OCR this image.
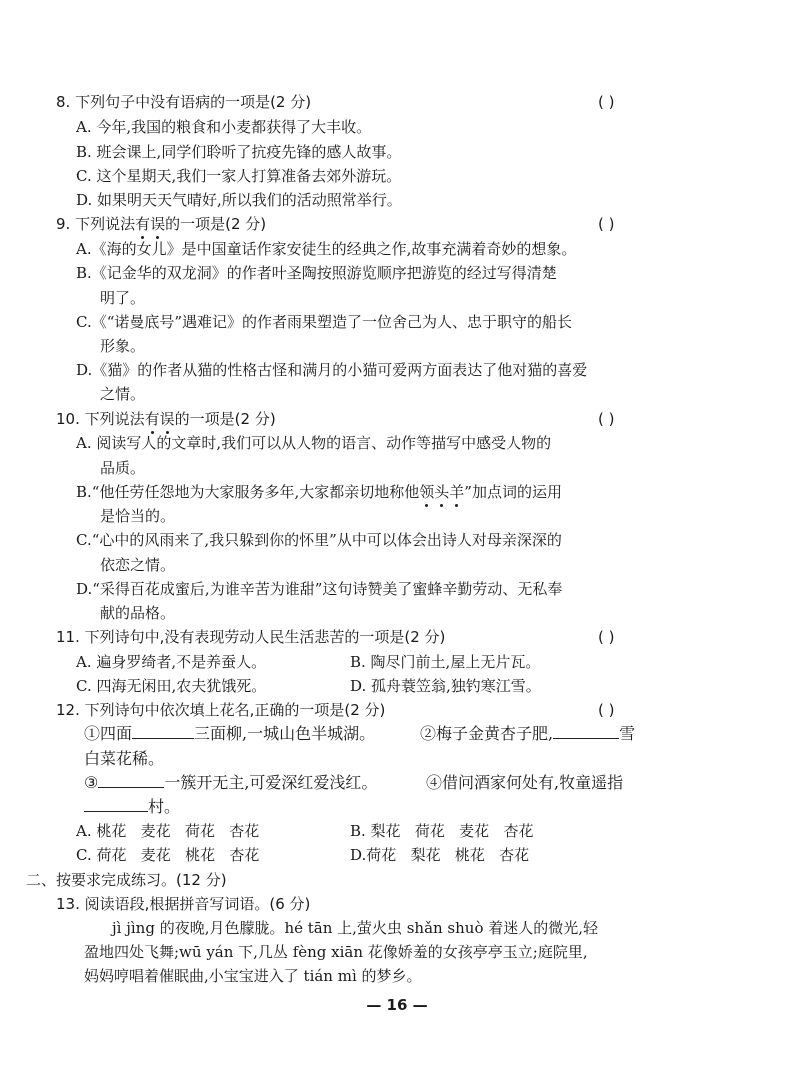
8. 下列句子中没有语病的一项是(2 分)	( )
A. 今年,我国的粮食和小麦都获得了大丰收。
B. 班会课上,同学们聆听了抗疫先锋的感人故事。
C. 这个星期天,我们一家人打算准备去郊外游玩。
D. 如果明天天气晴好,所以我们的活动照常举行。
9. 下列说法有误的一项是(2 分)	( )
A.《海的女儿》是中国童话作家安徒生的经典之作,故事充满着奇妙的想象。
B.《记金华的双龙洞》的作者叶圣陶按照游览顺序把游览的经过写得清楚
明了。
C.《“诺曼底号”遇难记》的作者雨果塑造了一位舍己为人、忠于职守的船长
形象。
D.《猫》的作者从猫的性格古怪和满月的小猫可爱两方面表达了他对猫的喜爱
之情。
10. 下列说法有误的一项是(2 分)	( )
A. 阅读写人的文章时,我们可以从人物的语言、动作等描写中感受人物的
品质。
B.“他任劳任怨地为大家服务多年,大家都亲切地称他领头羊”加点词的运用
是恰当的。
C.“心中的风雨来了,我只躲到你的怀里”从中可以体会出诗人对母亲深深的
依恋之情。
D.“采得百花成蜜后,为谁辛苦为谁甜”这句诗赞美了蜜蜂辛勤劳动、无私奉
献的品格。
11. 下列诗句中,没有表现劳动人民生活悲苦的一项是(2 分)	( )
A. 遍身罗绮者,不是养蚕人。	B. 陶尽门前土,屋上无片瓦。
C. 四海无闲田,农夫犹饿死。	D. 孤舟蓑笠翁,独钓寒江雪。
12. 下列诗句中依次填上花名,正确的一项是(2 分)	( )
①四面	三面柳,一城山色半城湖。	②梅子金黄杏子肥,	雪
白菜花稀。
③	一簇开无主,可爱深红爱浅红。	④借问酒家何处有,牧童遥指
村。
A. 桃花   麦花   荷花   杏花	B. 梨花   荷花   麦花   杏花
C. 荷花   麦花   桃花   杏花	D.荷花   梨花   桃花   杏花
二、按要求完成练习。(12 分)
13. 阅读语段,根据拼音写词语。(6 分)
jì jìng 的夜晚,月色朦胧。hé tān 上,萤火虫 shǎn shuò 着迷人的微光,轻
盈地四处飞舞;wū yán 下,几丛 fèng xiān 花像娇羞的女孩亭亭玉立;庭院里,
妈妈哼唱着催眠曲,小宝宝进入了 tián mì 的梦乡。
— 16 —
